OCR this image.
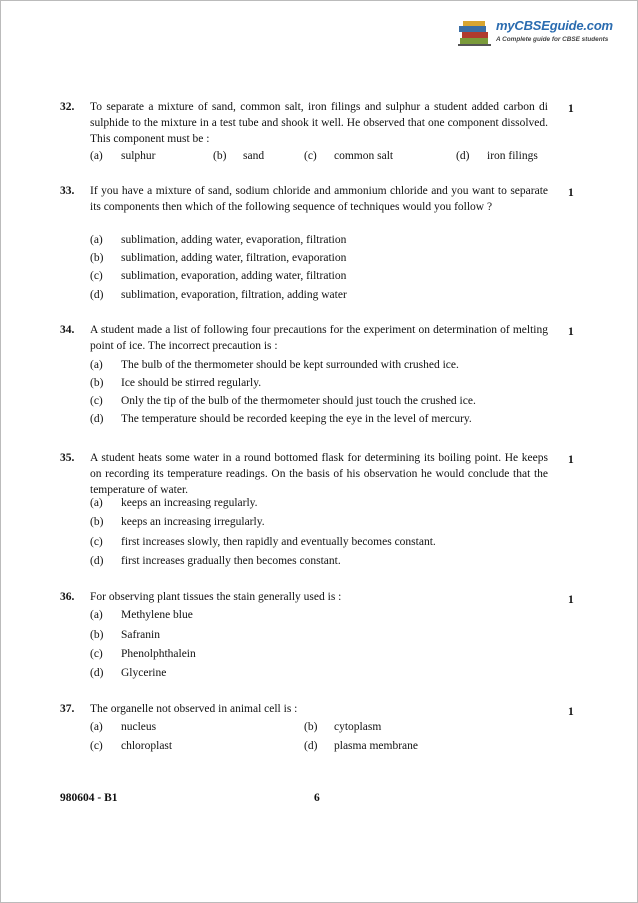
myCBSEguide.com
A Complete guide for CBSE students
32. To separate a mixture of sand, common salt, iron filings and sulphur a student added carbon di sulphide to the mixture in a test tube and shook it well. He observed that one component dissolved. This component must be :
1
(a) sulphur	(b) sand	(c) common salt	(d) iron filings
33. If you have a mixture of sand, sodium chloride and ammonium chloride and you want to separate its components then which of the following sequence of techniques would you follow ?
1
(a) sublimation, adding water, evaporation, filtration
(b) sublimation, adding water, filtration, evaporation
(c) sublimation, evaporation, adding water, filtration
(d) sublimation, evaporation, filtration, adding water
34. A student made a list of following four precautions for the experiment on determination of melting point of ice. The incorrect precaution is :
1
(a) The bulb of the thermometer should be kept surrounded with crushed ice.
(b) Ice should be stirred regularly.
(c) Only the tip of the bulb of the thermometer should just touch the crushed ice.
(d) The temperature should be recorded keeping the eye in the level of mercury.
35. A student heats some water in a round bottomed flask for determining its boiling point. He keeps on recording its temperature readings. On the basis of his observation he would conclude that the temperature of water.
1
(a) keeps an increasing regularly.
(b) keeps an increasing irregularly.
(c) first increases slowly, then rapidly and eventually becomes constant.
(d) first increases gradually then becomes constant.
36. For observing plant tissues the stain generally used is :	1
(a) Methylene blue
(b) Safranin
(c) Phenolphthalein
(d) Glycerine
37. The organelle not observed in animal cell is :	1
(a) nucleus	(b) cytoplasm
(c) chloroplast	(d) plasma membrane
980604 - B1	6
